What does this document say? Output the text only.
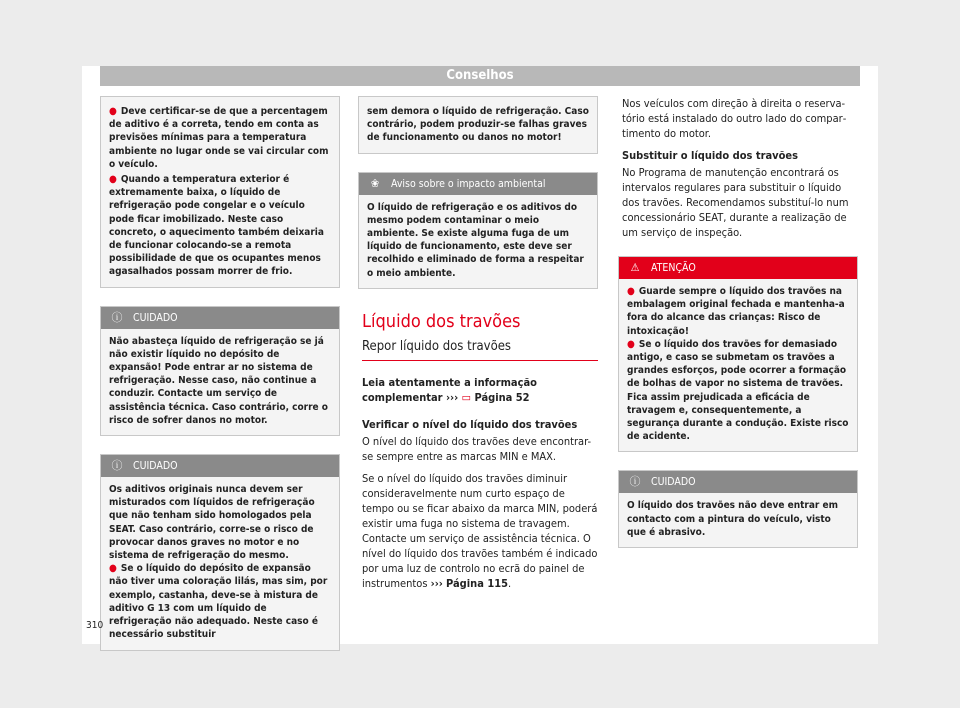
Conselhos

● Deve certificar-se de que a percentagem de aditivo é a correta, tendo em conta as previsões mínimas para a temperatura ambiente no lugar onde se vai circular com o veículo.

● Quando a temperatura exterior é extremamente baixa, o líquido de refrigeração pode congelar e o veículo pode ficar imobilizado. Neste caso concreto, o aquecimento também deixaria de funcionar colocando-se a remota possibilidade de que os ocupantes menos agasalhados possam morrer de frio.

ⓘ CUIDADO

Não abasteça líquido de refrigeração se já não existir líquido no depósito de expansão! Pode entrar ar no sistema de refrigeração. Nesse caso, não continue a conduzir. Contacte um serviço de assistência técnica. Caso contrário, corre o risco de sofrer danos no motor.

ⓘ CUIDADO

Os aditivos originais nunca devem ser misturados com líquidos de refrigeração que não tenham sido homologados pela SEAT. Caso contrário, corre-se o risco de provocar danos graves no motor e no sistema de refrigeração do mesmo.

● Se o líquido do depósito de expansão não tiver uma coloração lilás, mas sim, por exemplo, castanha, deve-se à mistura de aditivo G 13 com um líquido de refrigeração não adequado. Neste caso é necessário substituir

sem demora o líquido de refrigeração. Caso contrário, podem produzir-se falhas graves de funcionamento ou danos no motor!

❀ Aviso sobre o impacto ambiental

O líquido de refrigeração e os aditivos do mesmo podem contaminar o meio ambiente. Se existe alguma fuga de um líquido de funcionamento, este deve ser recolhido e eliminado de forma a respeitar o meio ambiente.

Líquido dos travões
Repor líquido dos travões

Leia atentamente a informação complementar ››› ▭ Página 52

Verificar o nível do líquido dos travões

O nível do líquido dos travões deve encontrar-se sempre entre as marcas MIN e MAX.

Se o nível do líquido dos travões diminuir consideravelmente num curto espaço de tempo ou se ficar abaixo da marca MIN, poderá existir uma fuga no sistema de travagem. Contacte um serviço de assistência técnica. O nível do líquido dos travões também é indicado por uma luz de controlo no ecrã do painel de instrumentos ››› Página 115.

Nos veículos com direção à direita o reservatório está instalado do outro lado do compartimento do motor.

Substituir o líquido dos travões

No Programa de manutenção encontrará os intervalos regulares para substituir o líquido dos travões. Recomendamos substituí-lo num concessionário SEAT, durante a realização de um serviço de inspeção.

⚠ ATENÇÃO

● Guarde sempre o líquido dos travões na embalagem original fechada e mantenha-a fora do alcance das crianças: Risco de intoxicação!

● Se o líquido dos travões for demasiado antigo, e caso se submetam os travões a grandes esforços, pode ocorrer a formação de bolhas de vapor no sistema de travões. Fica assim prejudicada a eficácia de travagem e, consequentemente, a segurança durante a condução. Existe risco de acidente.

ⓘ CUIDADO

O líquido dos travões não deve entrar em contacto com a pintura do veículo, visto que é abrasivo.

310
